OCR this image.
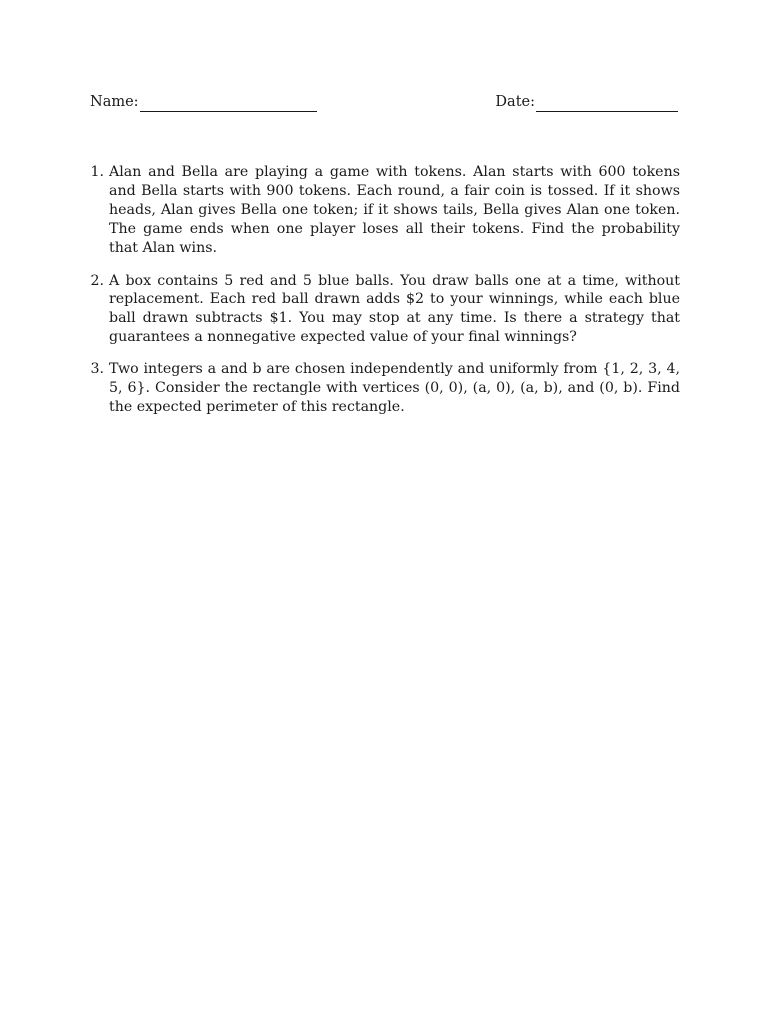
Name:	Date:
1. Alan and Bella are playing a game with tokens. Alan starts with 600 tokens and Bella starts with 900 tokens. Each round, a fair coin is tossed. If it shows heads, Alan gives Bella one token; if it shows tails, Bella gives Alan one token. The game ends when one player loses all their tokens. Find the probability that Alan wins.
2. A box contains 5 red and 5 blue balls. You draw balls one at a time, without replacement. Each red ball drawn adds $2 to your winnings, while each blue ball drawn subtracts $1. You may stop at any time. Is there a strategy that guarantees a nonnegative expected value of your final winnings?
3. Two integers a and b are chosen independently and uniformly from {1, 2, 3, 4, 5, 6}. Consider the rectangle with vertices (0, 0), (a, 0), (a, b), and (0, b). Find the expected perimeter of this rectangle.
